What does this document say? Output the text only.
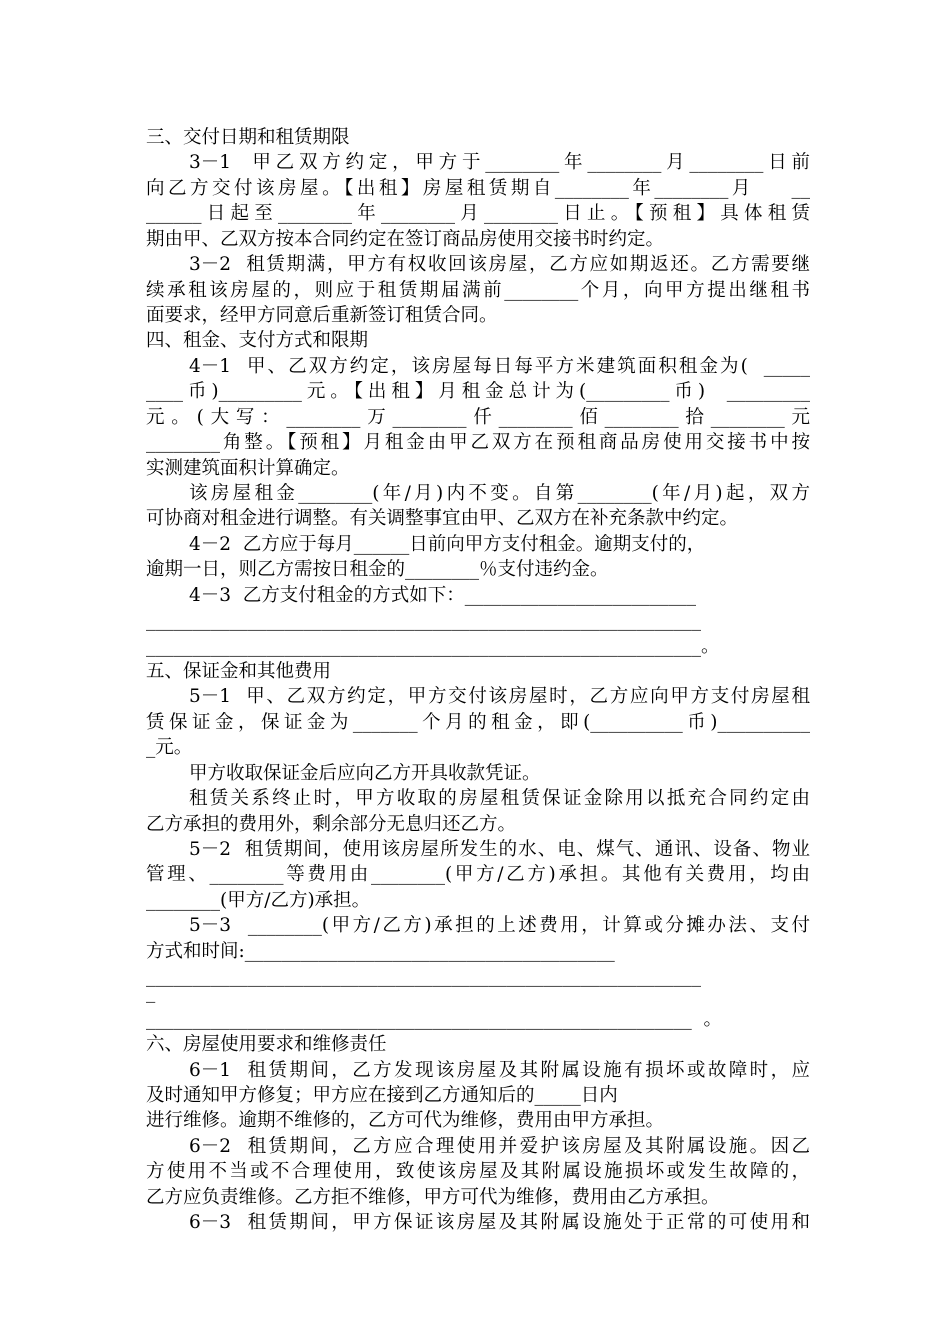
三、交付日期和租赁期限
3－1  甲乙双方约定，甲方于________年________月________日前
向乙方交付该房屋。【出租】房屋租赁期自________年________月    __
______日起至________年________月________日止。【预租】具体租赁
期由甲、乙双方按本合同约定在签订商品房使用交接书时约定。
3－2  租赁期满，甲方有权收回该房屋，乙方应如期返还。乙方需要继
续承租该房屋的，则应于租赁期届满前________个月，向甲方提出继租书
面要求，经甲方同意后重新签订租赁合同。
四、租金、支付方式和限期
4－1  甲、乙双方约定，该房屋每日每平方米建筑面积租金为(  _____
____币)_________元。【出租】月租金总计为(_________币)  _________
元。(大写：________万________仟________佰________拾________元
________角整。【预租】月租金由甲乙双方在预租商品房使用交接书中按
实测建筑面积计算确定。
该房屋租金________(年/月)内不变。自第________(年/月)起，双方
可协商对租金进行调整。有关调整事宜由甲、乙双方在补充条款中约定。
4－2  乙方应于每月______日前向甲方支付租金。逾期支付的，
逾期一日，则乙方需按日租金的________％支付违约金。
4－3  乙方支付租金的方式如下：_________________________
____________________________________________________________
____________________________________________________________。
五、保证金和其他费用
5－1  甲、乙双方约定，甲方交付该房屋时，乙方应向甲方支付房屋租
赁保证金，保证金为_______个月的租金，即(__________币)__________
_元。
甲方收取保证金后应向乙方开具收款凭证。
租赁关系终止时，甲方收取的房屋租赁保证金除用以抵充合同约定由
乙方承担的费用外，剩余部分无息归还乙方。
5－2  租赁期间，使用该房屋所发生的水、电、煤气、通讯、设备、物业
管理、________等费用由________(甲方/乙方)承担。其他有关费用，均由
________(甲方/乙方)承担。
5－3  ________(甲方/乙方)承担的上述费用，计算或分摊办法、支付
方式和时间:________________________________________
____________________________________________________________
_
___________________________________________________________  。
六、房屋使用要求和维修责任
6－1  租赁期间，乙方发现该房屋及其附属设施有损坏或故障时，应
及时通知甲方修复；甲方应在接到乙方通知后的_____日内
进行维修。逾期不维修的，乙方可代为维修，费用由甲方承担。
6－2  租赁期间，乙方应合理使用并爱护该房屋及其附属设施。因乙
方使用不当或不合理使用，致使该房屋及其附属设施损坏或发生故障的，
乙方应负责维修。乙方拒不维修，甲方可代为维修，费用由乙方承担。
6－3  租赁期间，甲方保证该房屋及其附属设施处于正常的可使用和
